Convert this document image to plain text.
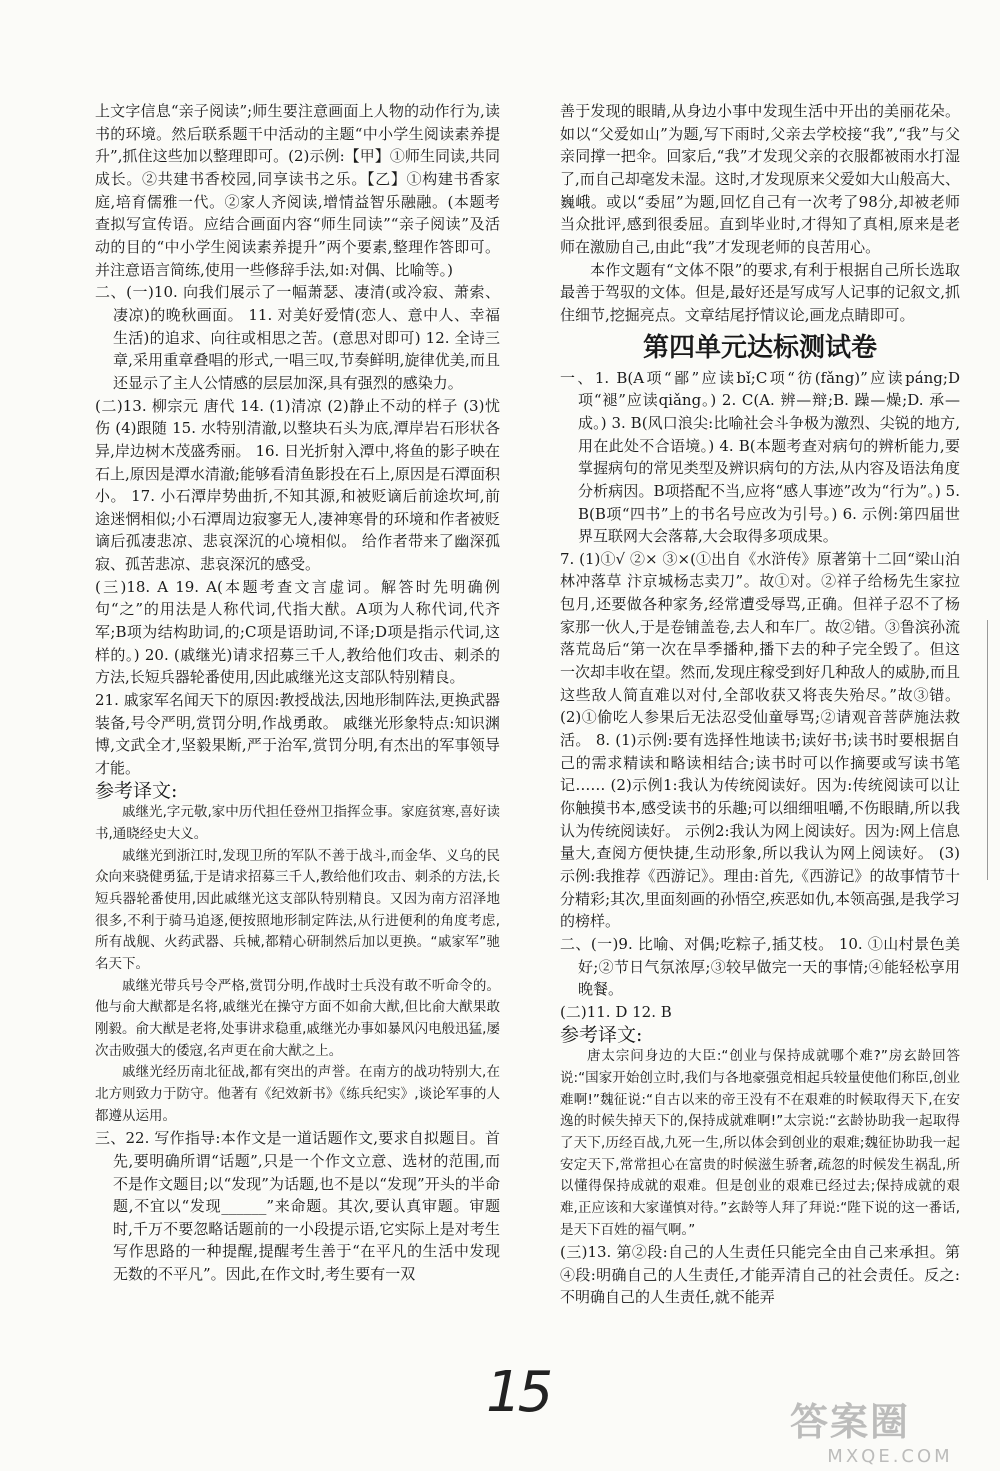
上文字信息“亲子阅读”;师生要注意画面上人物的动作行为,读书的环境。然后联系题干中活动的主题“中小学生阅读素养提升”,抓住这些加以整理即可。(2)示例:【甲】①师生同读,共同成长。②共建书香校园,同享读书之乐。【乙】①构建书香家庭,培育儒雅一代。②家人齐阅读,增情益智乐融融。(本题考查拟写宣传语。应结合画面内容“师生同读”“亲子阅读”及活动的目的“中小学生阅读素养提升”两个要素,整理作答即可。并注意语言简练,使用一些修辞手法,如:对偶、比喻等。)

二、(一)10. 向我们展示了一幅萧瑟、凄清(或冷寂、萧索、凄凉)的晚秋画面。 11. 对美好爱情(恋人、意中人、幸福生活)的追求、向往或相思之苦。(意思对即可) 12. 全诗三章,采用重章叠唱的形式,一唱三叹,节奏鲜明,旋律优美,而且还显示了主人公情感的层层加深,具有强烈的感染力。

(二)13. 柳宗元 唐代 14. (1)清凉 (2)静止不动的样子 (3)忧伤 (4)跟随 15. 水特别清澈,以整块石头为底,潭岸岩石形状各异,岸边树木茂盛秀丽。 16. 日光折射入潭中,将鱼的影子映在石上,原因是潭水清澈;能够看清鱼影投在石上,原因是石潭面积小。 17. 小石潭岸势曲折,不知其源,和被贬谪后前途坎坷,前途迷惘相似;小石潭周边寂寥无人,凄神寒骨的环境和作者被贬谪后孤凄悲凉、悲哀深沉的心境相似。 给作者带来了幽深孤寂、孤苦悲凉、悲哀深沉的感受。

(三)18. A 19. A(本题考查文言虚词。解答时先明确例句“之”的用法是人称代词,代指大猷。A项为人称代词,代齐军;B项为结构助词,的;C项是语助词,不译;D项是指示代词,这样的。) 20. (戚继光)请求招募三千人,教给他们攻击、刺杀的方法,长短兵器轮番使用,因此戚继光这支部队特别精良。

21. 戚家军名闻天下的原因:教授战法,因地形制阵法,更换武器装备,号令严明,赏罚分明,作战勇敢。 戚继光形象特点:知识渊博,文武全才,坚毅果断,严于治军,赏罚分明,有杰出的军事领导才能。

参考译文:

戚继光,字元敬,家中历代担任登州卫指挥佥事。家庭贫寒,喜好读书,通晓经史大义。

戚继光到浙江时,发现卫所的军队不善于战斗,而金华、义乌的民众向来骁健勇猛,于是请求招募三千人,教给他们攻击、刺杀的方法,长短兵器轮番使用,因此戚继光这支部队特别精良。又因为南方沼泽地很多,不利于骑马追逐,便按照地形制定阵法,从行进便利的角度考虑,所有战舰、火药武器、兵械,都精心研制然后加以更换。“戚家军”驰名天下。

戚继光带兵号令严格,赏罚分明,作战时士兵没有敢不听命令的。他与俞大猷都是名将,戚继光在操守方面不如俞大猷,但比俞大猷果敢刚毅。俞大猷是老将,处事讲求稳重,戚继光办事如暴风闪电般迅猛,屡次击败强大的倭寇,名声更在俞大猷之上。

戚继光经历南北征战,都有突出的声誉。在南方的战功特别大,在北方则致力于防守。他著有《纪效新书》《练兵纪实》,谈论军事的人都遵从运用。

三、22. 写作指导:本作文是一道话题作文,要求自拟题目。首先,要明确所谓“话题”,只是一个作文立意、选材的范围,而不是作文题目;以“发现”为话题,也不是以“发现”开头的半命题,不宜以“发现______”来命题。其次,要认真审题。审题时,千万不要忽略话题前的一小段提示语,它实际上是对考生写作思路的一种提醒,提醒考生善于“在平凡的生活中发现无数的不平凡”。因此,在作文时,考生要有一双

善于发现的眼睛,从身边小事中发现生活中开出的美丽花朵。如以“父爱如山”为题,写下雨时,父亲去学校接“我”,“我”与父亲同撑一把伞。回家后,“我”才发现父亲的衣服都被雨水打湿了,而自己却毫发未湿。这时,才发现原来父爱如大山般高大、巍峨。或以“委屈”为题,回忆自己有一次考了98分,却被老师当众批评,感到很委屈。直到毕业时,才得知了真相,原来是老师在激励自己,由此“我”才发现老师的良苦用心。

本作文题有“文体不限”的要求,有利于根据自己所长选取最善于驾驭的文体。但是,最好还是写成写人记事的记叙文,抓住细节,挖掘亮点。文章结尾抒情议论,画龙点睛即可。

第四单元达标测试卷

一、1. B(A项“鄙”应读bǐ;C项“彷(fǎng)”应读páng;D项“褪”应读qiǎng。) 2. C(A. 辨—辩;B. 躁—燥;D. 承—成。) 3. B(风口浪尖:比喻社会斗争极为激烈、尖锐的地方,用在此处不合语境。) 4. B(本题考查对病句的辨析能力,要掌握病句的常见类型及辨识病句的方法,从内容及语法角度分析病因。B项搭配不当,应将“感人事迹”改为“行为”。) 5. B(B项“四书”上的书名号应改为引号。) 6. 示例:第四届世界互联网大会落幕,大会取得多项成果。

7. (1)①√ ②× ③×(①出自《水浒传》原著第十二回“梁山泊林冲落草 汴京城杨志卖刀”。故①对。②祥子给杨先生家拉包月,还要做各种家务,经常遭受辱骂,正确。但祥子忍不了杨家那一伙人,于是卷铺盖卷,去人和车厂。故②错。③鲁滨孙流落荒岛后“第一次在旱季播种,播下去的种子完全毁了。但这一次却丰收在望。然而,发现庄稼受到好几种敌人的威胁,而且这些敌人简直难以对付,全部收获又将丧失殆尽。”故③错。(2)①偷吃人参果后无法忍受仙童辱骂;②请观音菩萨施法救活。 8. (1)示例:要有选择性地读书;读好书;读书时要根据自己的需求精读和略读相结合;读书时可以作摘要或写读书笔记…… (2)示例1:我认为传统阅读好。因为:传统阅读可以让你触摸书本,感受读书的乐趣;可以细细咀嚼,不伤眼睛,所以我认为传统阅读好。 示例2:我认为网上阅读好。因为:网上信息量大,查阅方便快捷,生动形象,所以我认为网上阅读好。 (3)示例:我推荐《西游记》。理由:首先,《西游记》的故事情节十分精彩;其次,里面刻画的孙悟空,疾恶如仇,本领高强,是我学习的榜样。

二、(一)9. 比喻、对偶;吃粽子,插艾枝。 10. ①山村景色美好;②节日气氛浓厚;③较早做完一天的事情;④能轻松享用晚餐。

(二)11. D 12. B

参考译文:

唐太宗问身边的大臣:“创业与保持成就哪个难?”房玄龄回答说:“国家开始创立时,我们与各地豪强竞相起兵较量使他们称臣,创业难啊!”魏征说:“自古以来的帝王没有不在艰难的时候取得天下,在安逸的时候失掉天下的,保持成就难啊!”太宗说:“玄龄协助我一起取得了天下,历经百战,九死一生,所以体会到创业的艰难;魏征协助我一起安定天下,常常担心在富贵的时候滋生骄奢,疏忽的时候发生祸乱,所以懂得保持成就的艰难。但是创业的艰难已经过去;保持成就的艰难,正应该和大家谨慎对待。”玄龄等人拜了拜说:“陛下说的这一番话,是天下百姓的福气啊。”

(三)13. 第②段:自己的人生责任只能完全由自己来承担。第④段:明确自己的人生责任,才能弄清自己的社会责任。反之:不明确自己的人生责任,就不能弄

15	答案圈
MXQE.COM
